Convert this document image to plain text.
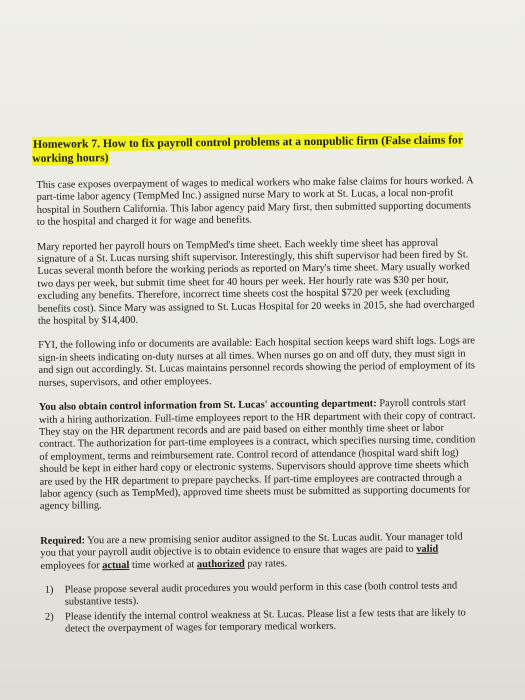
Homework 7. How to fix payroll control problems at a nonpublic firm (False claims for working hours)

This case exposes overpayment of wages to medical workers who make false claims for hours worked. A part-time labor agency (TempMed Inc.) assigned nurse Mary to work at St. Lucas, a local non-profit hospital in Southern California. This labor agency paid Mary first, then submitted supporting documents to the hospital and charged it for wage and benefits.

Mary reported her payroll hours on TempMed's time sheet. Each weekly time sheet has approval signature of a St. Lucas nursing shift supervisor. Interestingly, this shift supervisor had been fired by St. Lucas several month before the working periods as reported on Mary's time sheet. Mary usually worked two days per week, but submit time sheet for 40 hours per week. Her hourly rate was $30 per hour, excluding any benefits. Therefore, incorrect time sheets cost the hospital $720 per week (excluding benefits cost). Since Mary was assigned to St. Lucas Hospital for 20 weeks in 2015, she had overcharged the hospital by $14,400.

FYI, the following info or documents are available: Each hospital section keeps ward shift logs. Logs are sign-in sheets indicating on-duty nurses at all times. When nurses go on and off duty, they must sign in and sign out accordingly. St. Lucas maintains personnel records showing the period of employment of its nurses, supervisors, and other employees.

You also obtain control information from St. Lucas' accounting department: Payroll controls start with a hiring authorization. Full-time employees report to the HR department with their copy of contract. They stay on the HR department records and are paid based on either monthly time sheet or labor contract. The authorization for part-time employees is a contract, which specifies nursing time, condition of employment, terms and reimbursement rate. Control record of attendance (hospital ward shift log) should be kept in either hard copy or electronic systems. Supervisors should approve time sheets which are used by the HR department to prepare paychecks. If part-time employees are contracted through a labor agency (such as TempMed), approved time sheets must be submitted as supporting documents for agency billing.

Required: You are a new promising senior auditor assigned to the St. Lucas audit. Your manager told you that your payroll audit objective is to obtain evidence to ensure that wages are paid to valid employees for actual time worked at authorized pay rates.

1)	Please propose several audit procedures you would perform in this case (both control tests and substantive tests).
2)	Please identify the internal control weakness at St. Lucas. Please list a few tests that are likely to detect the overpayment of wages for temporary medical workers.
